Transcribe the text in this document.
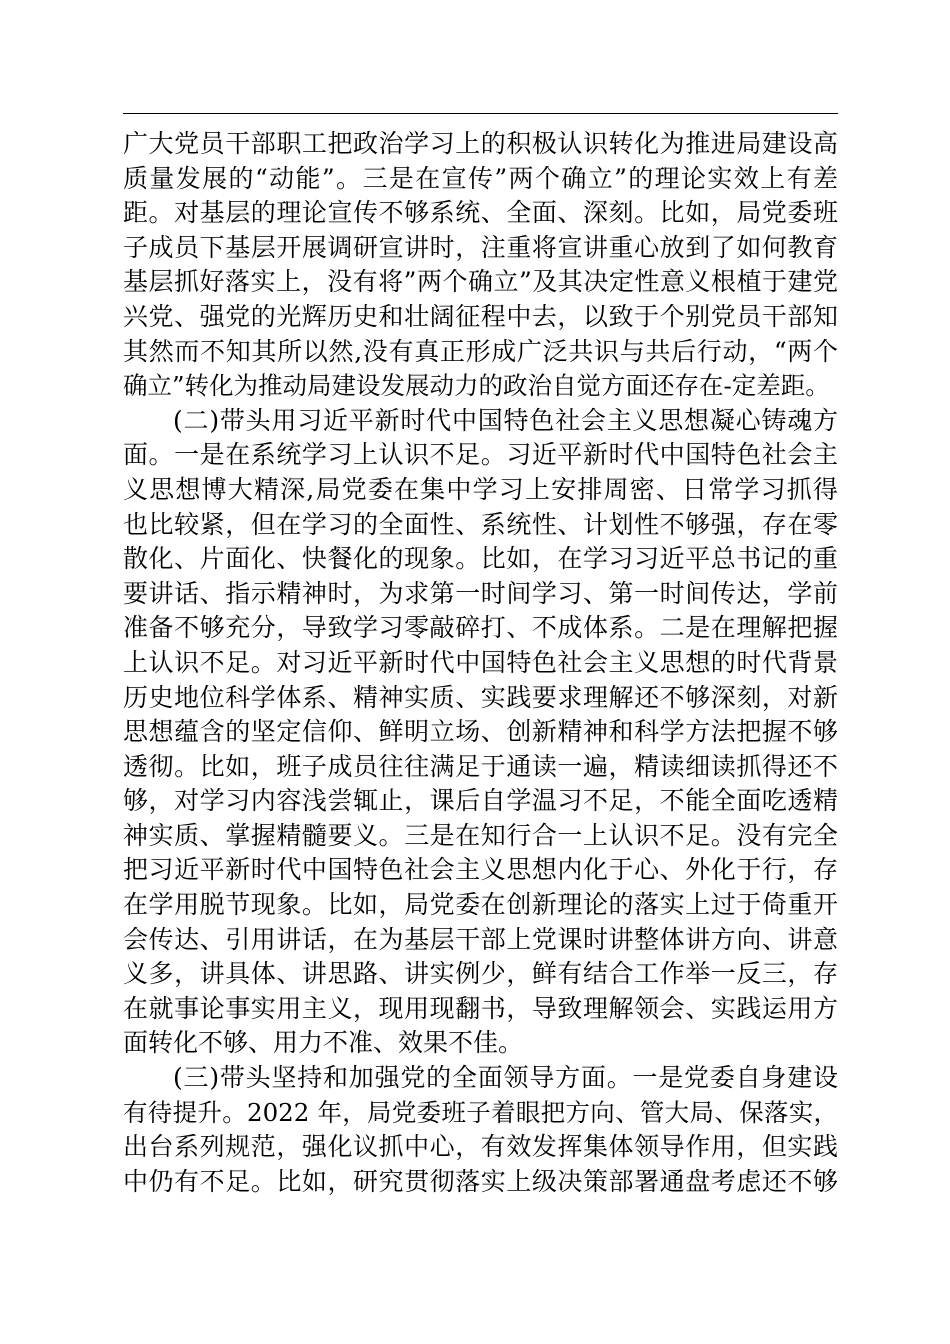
广大党员干部职工把政治学习上的积极认识转化为推进局建设高
质量发展的“动能”。三是在宣传”两个确立”的理论实效上有差
距。对基层的理论宣传不够系统、全面、深刻。比如，局党委班
子成员下基层开展调研宣讲时，注重将宣讲重心放到了如何教育
基层抓好落实上，没有将”两个确立”及其决定性意义根植于建党
兴党、强党的光辉历史和壮阔征程中去，以致于个别党员干部知
其然而不知其所以然,没有真正形成广泛共识与共后行动，“两个
确立”转化为推动局建设发展动力的政治自觉方面还存在-定差距。
(二)带头用习近平新时代中国特色社会主义思想凝心铸魂方
面。一是在系统学习上认识不足。习近平新时代中国特色社会主
义思想博大精深,局党委在集中学习上安排周密、日常学习抓得
也比较紧，但在学习的全面性、系统性、计划性不够强，存在零
散化、片面化、快餐化的现象。比如，在学习习近平总书记的重
要讲话、指示精神时，为求第一时间学习、第一时间传达，学前
准备不够充分，导致学习零敲碎打、不成体系。二是在理解把握
上认识不足。对习近平新时代中国特色社会主义思想的时代背景
历史地位科学体系、精神实质、实践要求理解还不够深刻，对新
思想蕴含的坚定信仰、鲜明立场、创新精神和科学方法把握不够
透彻。比如，班子成员往往满足于通读一遍，精读细读抓得还不
够，对学习内容浅尝辄止，课后自学温习不足，不能全面吃透精
神实质、掌握精髓要义。三是在知行合一上认识不足。没有完全
把习近平新时代中国特色社会主义思想内化于心、外化于行，存
在学用脱节现象。比如，局党委在创新理论的落实上过于倚重开
会传达、引用讲话，在为基层干部上党课时讲整体讲方向、讲意
义多，讲具体、讲思路、讲实例少，鲜有结合工作举一反三，存
在就事论事实用主义，现用现翻书，导致理解领会、实践运用方
面转化不够、用力不准、效果不佳。
(三)带头坚持和加强党的全面领导方面。一是党委自身建设
有待提升。2022 年，局党委班子着眼把方向、管大局、保落实，
出台系列规范，强化议抓中心，有效发挥集体领导作用，但实践
中仍有不足。比如，研究贯彻落实上级决策部署通盘考虑还不够
